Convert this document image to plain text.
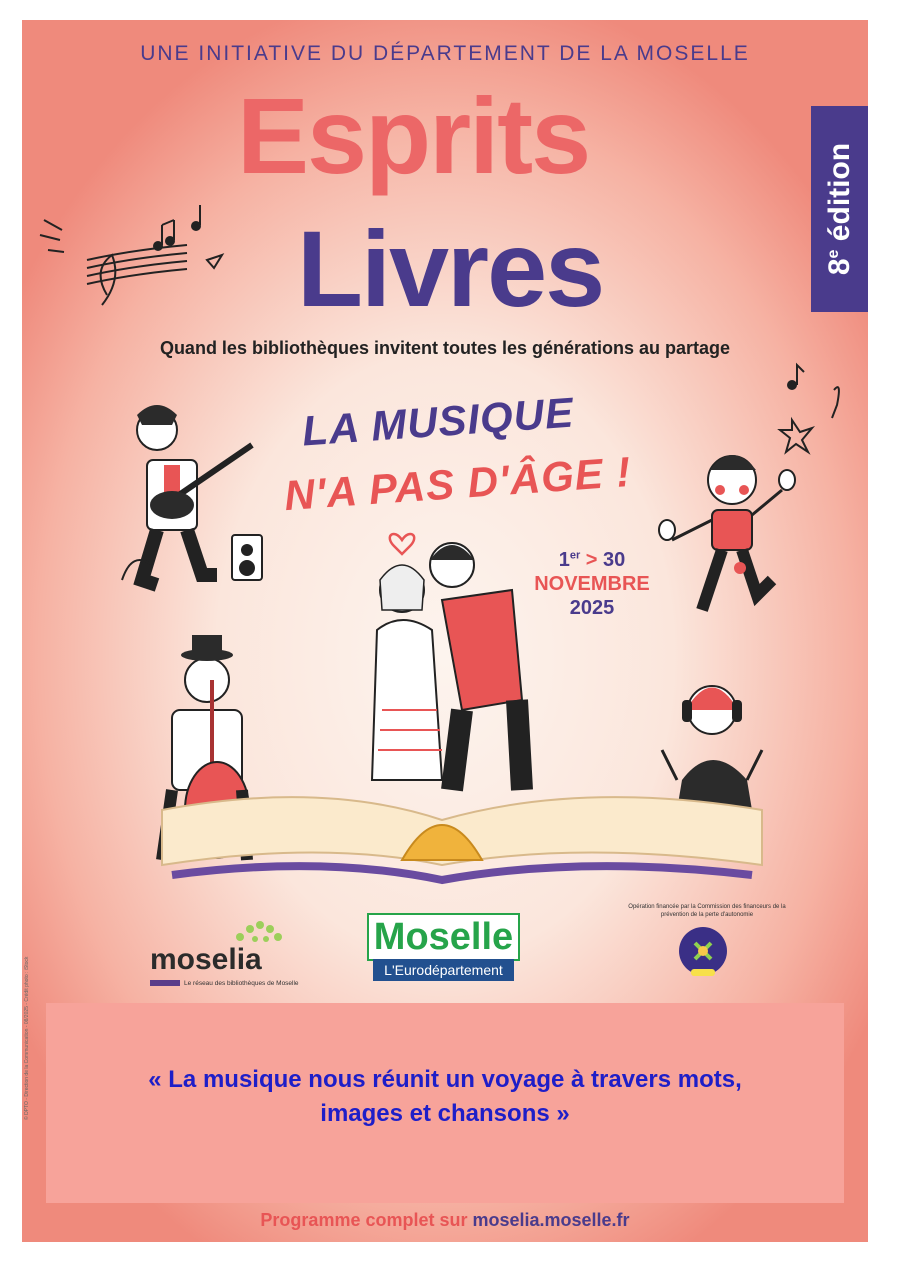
UNE INITIATIVE DU DÉPARTEMENT DE LA MOSELLE
Esprits
Livres	8e édition
Quand les bibliothèques invitent toutes les générations au partage
LA MUSIQUE
N'A PAS D'ÂGE !
1er > 30
NOVEMBRE
2025
moselia
Le réseau des bibliothèques de Moselle
Moselle
L'Eurodépartement
Opération financée par la Commission des financeurs de la prévention de la perte d'autonomie
« La musique nous réunit un voyage à travers mots,
images et chansons »
Programme complet sur moselia.moselle.fr
© DPTO - Direction de la Communication - 08/2025 - Crédit photo : iStock
